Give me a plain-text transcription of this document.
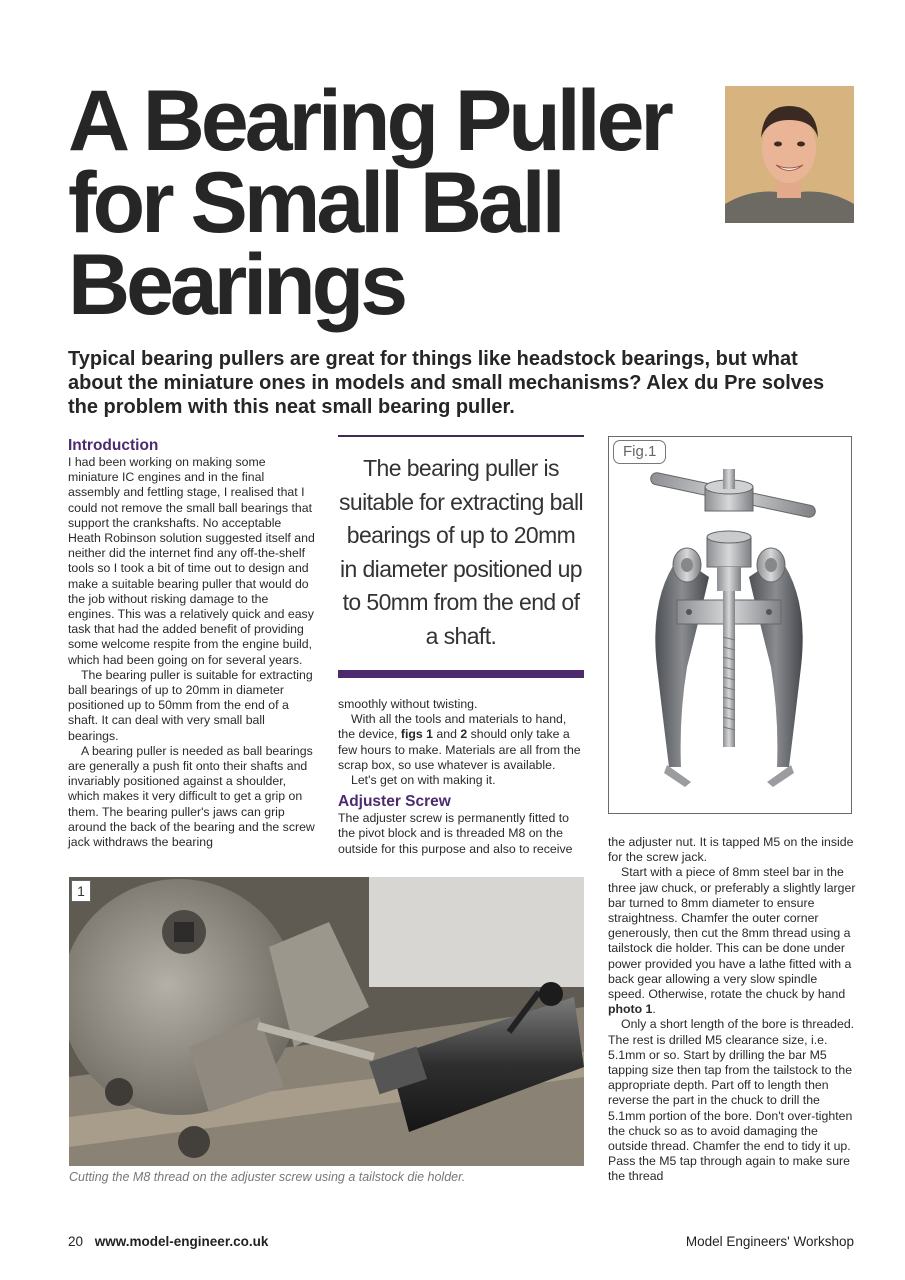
A Bearing Puller
for Small Ball
Bearings
Typical bearing pullers are great for things like headstock bearings, but what about the miniature ones in models and small mechanisms? Alex du Pre solves the problem with this neat small bearing puller.
Introduction

I had been working on making some miniature IC engines and in the final assembly and fettling stage, I realised that I could not remove the small ball bearings that support the crankshafts. No acceptable Heath Robinson solution suggested itself and neither did the internet find any off-the-shelf tools so I took a bit of time out to design and make a suitable bearing puller that would do the job without risking damage to the engines. This was a relatively quick and easy task that had the added benefit of providing some welcome respite from the engine build, which had been going on for several years.

The bearing puller is suitable for extracting ball bearings of up to 20mm in diameter positioned up to 50mm from the end of a shaft. It can deal with very small ball bearings.

A bearing puller is needed as ball bearings are generally a push fit onto their shafts and invariably positioned against a shoulder, which makes it very difficult to get a grip on them. The bearing puller's jaws can grip around the back of the bearing and the screw jack withdraws the bearing

The bearing puller is suitable for extracting ball bearings of up to 20mm in diameter positioned up to 50mm from the end of a shaft.

smoothly without twisting.

With all the tools and materials to hand, the device, figs 1 and 2 should only take a few hours to make. Materials are all from the scrap box, so use whatever is available.

Let's get on with making it.

Adjuster Screw

The adjuster screw is permanently fitted to the pivot block and is threaded M8 on the outside for this purpose and also to receive

Fig.1

the adjuster nut. It is tapped M5 on the inside for the screw jack.

Start with a piece of 8mm steel bar in the three jaw chuck, or preferably a slightly larger bar turned to 8mm diameter to ensure straightness. Chamfer the outer corner generously, then cut the 8mm thread using a tailstock die holder. This can be done under power provided you have a lathe fitted with a back gear allowing a very slow spindle speed. Otherwise, rotate the chuck by hand photo 1.

Only a short length of the bore is threaded. The rest is drilled M5 clearance size, i.e. 5.1mm or so. Start by drilling the bar M5 tapping size then tap from the tailstock to the appropriate depth. Part off to length then reverse the part in the chuck to drill the 5.1mm portion of the bore. Don't over-tighten the chuck so as to avoid damaging the outside thread. Chamfer the end to tidy it up. Pass the M5 tap through again to make sure the thread

1
Cutting the M8 thread on the adjuster screw using a tailstock die holder.
20 www.model-engineer.co.uk	Model Engineers' Workshop
